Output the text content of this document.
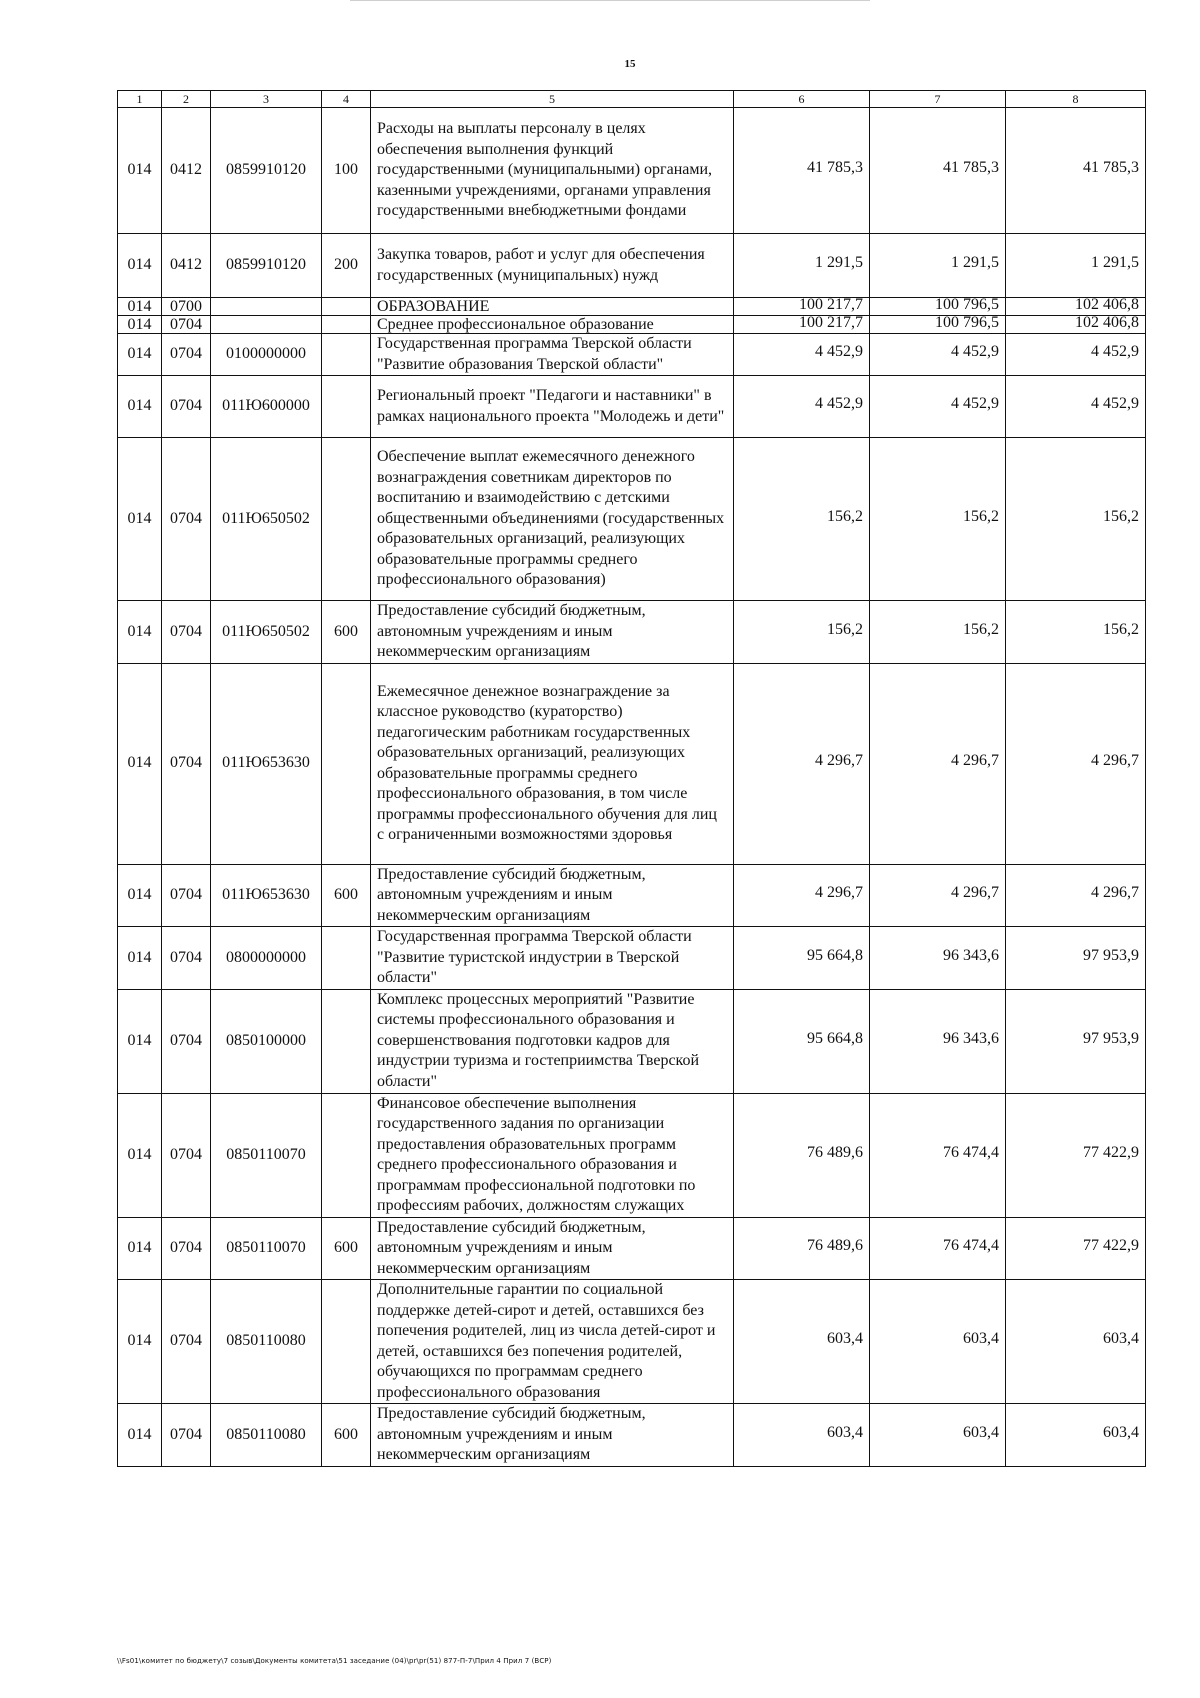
15
1	2	3	4	5	6	7	8
014	0412	0859910120	100	Расходы на выплаты персоналу в целях обеспечения выполнения функций государственными (муниципальными) органами, казенными учреждениями, органами управления государственными внебюджетными фондами	41 785,3	41 785,3	41 785,3
014	0412	0859910120	200	Закупка товаров, работ и услуг для обеспечения государственных (муниципальных) нужд	1 291,5	1 291,5	1 291,5
014	0700			ОБРАЗОВАНИЕ	100 217,7	100 796,5	102 406,8
014	0704			Среднее профессиональное образование	100 217,7	100 796,5	102 406,8
014	0704	0100000000		Государственная программа Тверской области "Развитие образования Тверской области"	4 452,9	4 452,9	4 452,9
014	0704	011Ю600000		Региональный проект "Педагоги и наставники" в рамках национального проекта "Молодежь и дети"	4 452,9	4 452,9	4 452,9
014	0704	011Ю650502		Обеспечение выплат ежемесячного денежного вознаграждения советникам директоров по воспитанию и взаимодействию с детскими общественными объединениями (государственных образовательных организаций, реализующих образовательные программы среднего профессионального образования)	156,2	156,2	156,2
014	0704	011Ю650502	600	Предоставление субсидий бюджетным, автономным учреждениям и иным некоммерческим организациям	156,2	156,2	156,2
014	0704	011Ю653630		Ежемесячное денежное вознаграждение за классное руководство (кураторство) педагогическим работникам государственных образовательных организаций, реализующих образовательные программы среднего профессионального образования, в том числе программы профессионального обучения для лиц с ограниченными возможностями здоровья	4 296,7	4 296,7	4 296,7
014	0704	011Ю653630	600	Предоставление субсидий бюджетным, автономным учреждениям и иным некоммерческим организациям	4 296,7	4 296,7	4 296,7
014	0704	0800000000		Государственная программа Тверской области "Развитие туристской индустрии в Тверской области"	95 664,8	96 343,6	97 953,9
014	0704	0850100000		Комплекс процессных мероприятий "Развитие системы профессионального образования и совершенствования подготовки кадров для индустрии туризма и гостеприимства Тверской области"	95 664,8	96 343,6	97 953,9
014	0704	0850110070		Финансовое обеспечение выполнения государственного задания по организации предоставления образовательных программ среднего профессионального образования и программам профессиональной подготовки по профессиям рабочих, должностям служащих	76 489,6	76 474,4	77 422,9
014	0704	0850110070	600	Предоставление субсидий бюджетным, автономным учреждениям и иным некоммерческим организациям	76 489,6	76 474,4	77 422,9
014	0704	0850110080		Дополнительные гарантии по социальной поддержке детей-сирот и детей, оставшихся без попечения родителей, лиц из числа детей-сирот и детей, оставшихся без попечения родителей, обучающихся по программам среднего профессионального образования	603,4	603,4	603,4
014	0704	0850110080	600	Предоставление субсидий бюджетным, автономным учреждениям и иным некоммерческим организациям	603,4	603,4	603,4
\\Fs01\комитет по бюджету\7 созыв\Документы комитета\51 заседание (04)\pr\pr(51) 877-П-7\Прил 4 Прил 7 (ВСР)
